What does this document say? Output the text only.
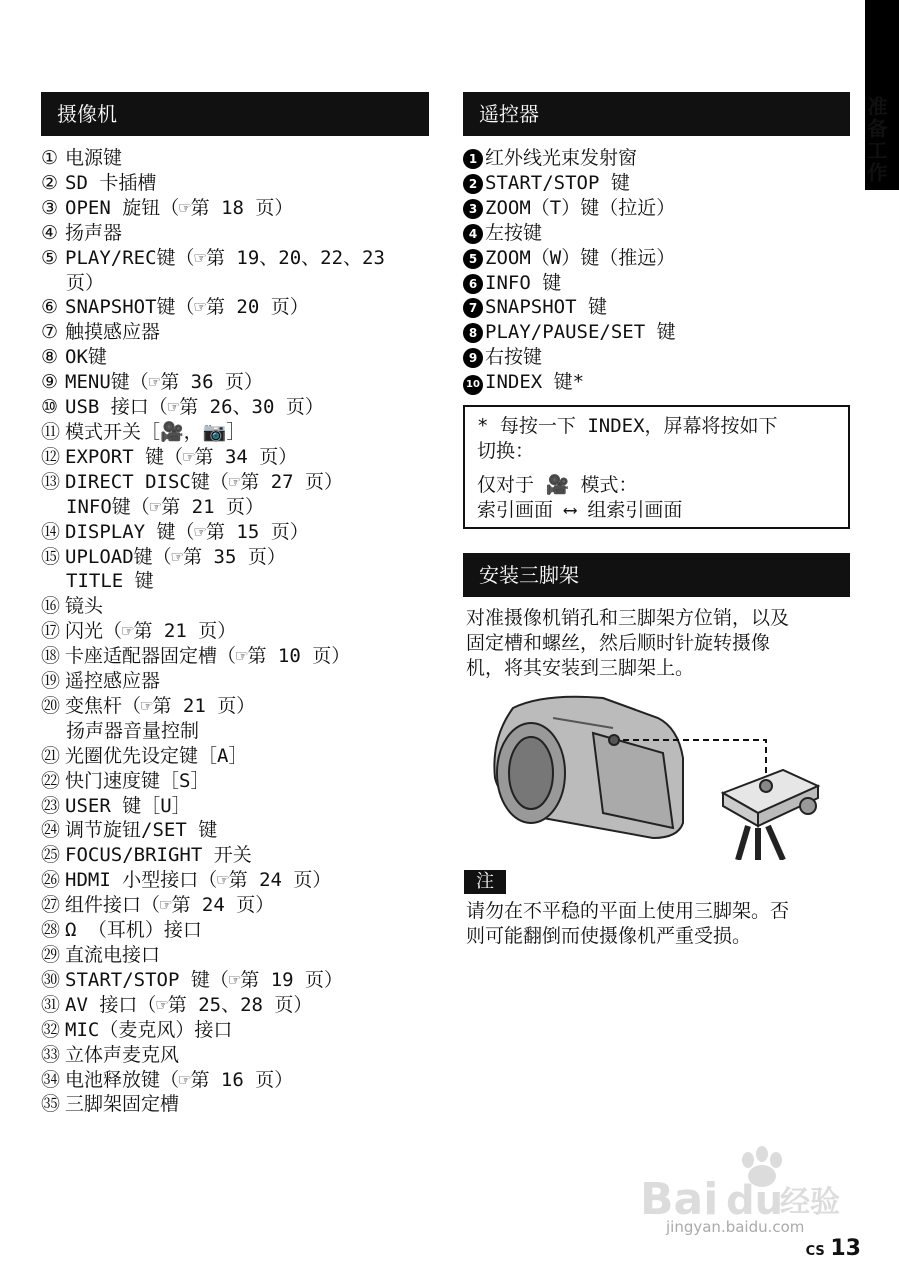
准备工作
摄像机
① 电源键
② SD 卡插槽
③ OPEN 旋钮（☞第 18 页）
④ 扬声器
⑤ PLAY/REC键（☞第 19、20、22、23
页）
⑥ SNAPSHOT键（☞第 20 页）
⑦ 触摸感应器
⑧ OK键
⑨ MENU键（☞第 36 页）
⑩ USB 接口（☞第 26、30 页）
⑪ 模式开关［🎥，📷］
⑫ EXPORT 键（☞第 34 页）
⑬ DIRECT DISC键（☞第 27 页）
INFO键（☞第 21 页）
⑭ DISPLAY 键（☞第 15 页）
⑮ UPLOAD键（☞第 35 页）
TITLE 键
⑯ 镜头
⑰ 闪光（☞第 21 页）
⑱ 卡座适配器固定槽（☞第 10 页）
⑲ 遥控感应器
⑳ 变焦杆（☞第 21 页）
扬声器音量控制
㉑ 光圈优先设定键［A］
㉒ 快门速度键［S］
㉓ USER 键［U］
㉔ 调节旋钮/SET 键
㉕ FOCUS/BRIGHT 开关
㉖ HDMI 小型接口（☞第 24 页）
㉗ 组件接口（☞第 24 页）
㉘ Ω （耳机）接口
㉙ 直流电接口
㉚ START/STOP 键（☞第 19 页）
㉛ AV 接口（☞第 25、28 页）
㉜ MIC（麦克风）接口
㉝ 立体声麦克风
㉞ 电池释放键（☞第 16 页）
㉟ 三脚架固定槽
遥控器
1 红外线光束发射窗
2 START/STOP 键
3 ZOOM（T）键（拉近）
4 左按键
5 ZOOM（W）键（推远）
6 INFO 键
7 SNAPSHOT 键
8 PLAY/PAUSE/SET 键
9 右按键
10 INDEX 键*
* 每按一下 INDEX，屏幕将按如下
切换：
仅对于 🎥 模式：
索引画面 ⟷ 组索引画面
安装三脚架
对准摄像机销孔和三脚架方位销，以及
固定槽和螺丝，然后顺时针旋转摄像
机，将其安装到三脚架上。
注
请勿在不平稳的平面上使用三脚架。否
则可能翻倒而使摄像机严重受损。
Bai du
经验
jingyan.baidu.com
CS 13
